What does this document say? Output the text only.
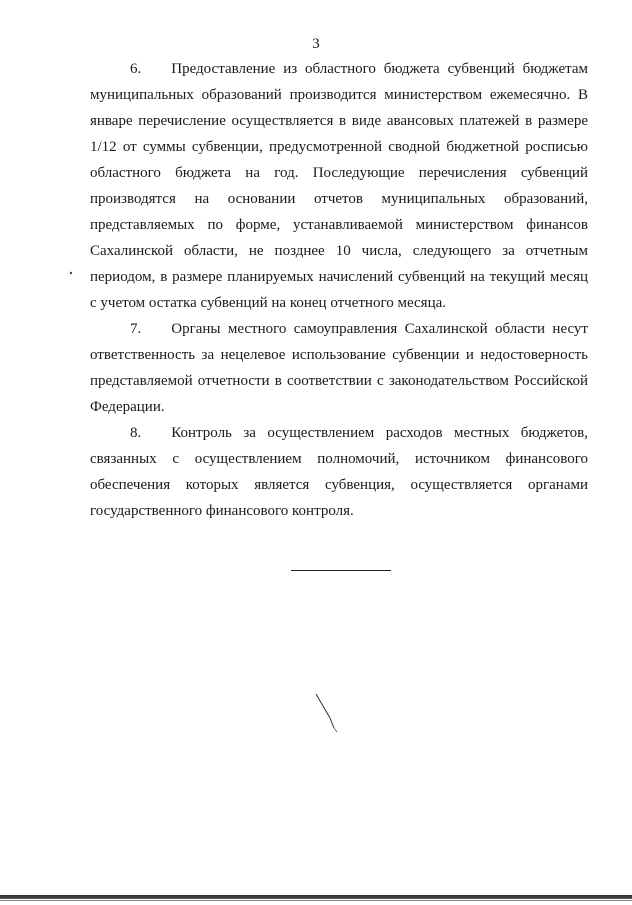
3

6.  Предоставление из областного бюджета субвенций бюджетам муниципальных образований производится министерством ежемесячно. В январе перечисление осуществляется в виде авансовых платежей в размере 1/12 от суммы субвенции, предусмотренной сводной бюджетной росписью областного бюджета на год. Последующие перечисления субвенций производятся на основании отчетов муниципальных образований, представляемых по форме, устанавливаемой министерством финансов Сахалинской области, не позднее 10 числа, следующего за отчетным периодом, в размере планируемых начислений субвенций на текущий месяц с учетом остатка субвенций на конец отчетного месяца.

7.  Органы местного самоуправления Сахалинской области несут ответственность за нецелевое использование субвенции и недостоверность представляемой отчетности в соответствии с законодательством Российской Федерации.

8.  Контроль за осуществлением расходов местных бюджетов, связанных с осуществлением полномочий, источником финансового обеспечения которых является субвенция, осуществляется органами государственного финансового контроля.
